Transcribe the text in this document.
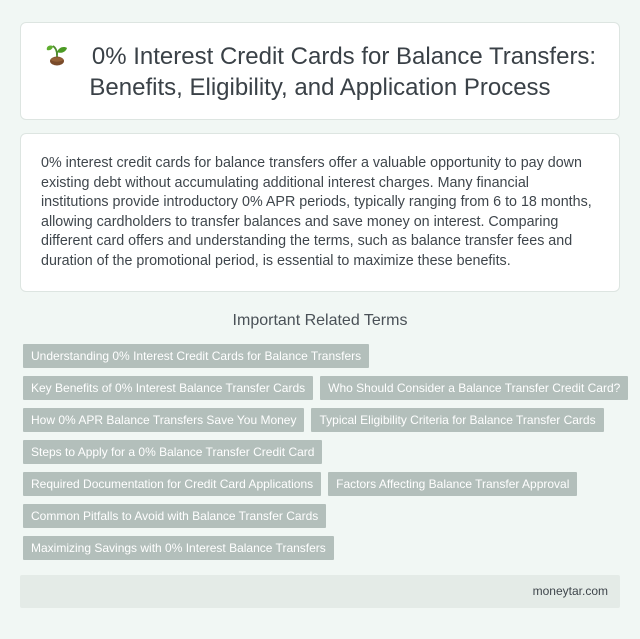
0% Interest Credit Cards for Balance Transfers:
Benefits, Eligibility, and Application Process

0% interest credit cards for balance transfers offer a valuable opportunity to pay down existing debt without accumulating additional interest charges. Many financial institutions provide introductory 0% APR periods, typically ranging from 6 to 18 months, allowing cardholders to transfer balances and save money on interest. Comparing different card offers and understanding the terms, such as balance transfer fees and duration of the promotional period, is essential to maximize these benefits.

Important Related Terms
Understanding 0% Interest Credit Cards for Balance Transfers
Key Benefits of 0% Interest Balance Transfer Cards	Who Should Consider a Balance Transfer Credit Card?
How 0% APR Balance Transfers Save You Money	Typical Eligibility Criteria for Balance Transfer Cards
Steps to Apply for a 0% Balance Transfer Credit Card
Required Documentation for Credit Card Applications	Factors Affecting Balance Transfer Approval
Common Pitfalls to Avoid with Balance Transfer Cards
Maximizing Savings with 0% Interest Balance Transfers
moneytar.com
